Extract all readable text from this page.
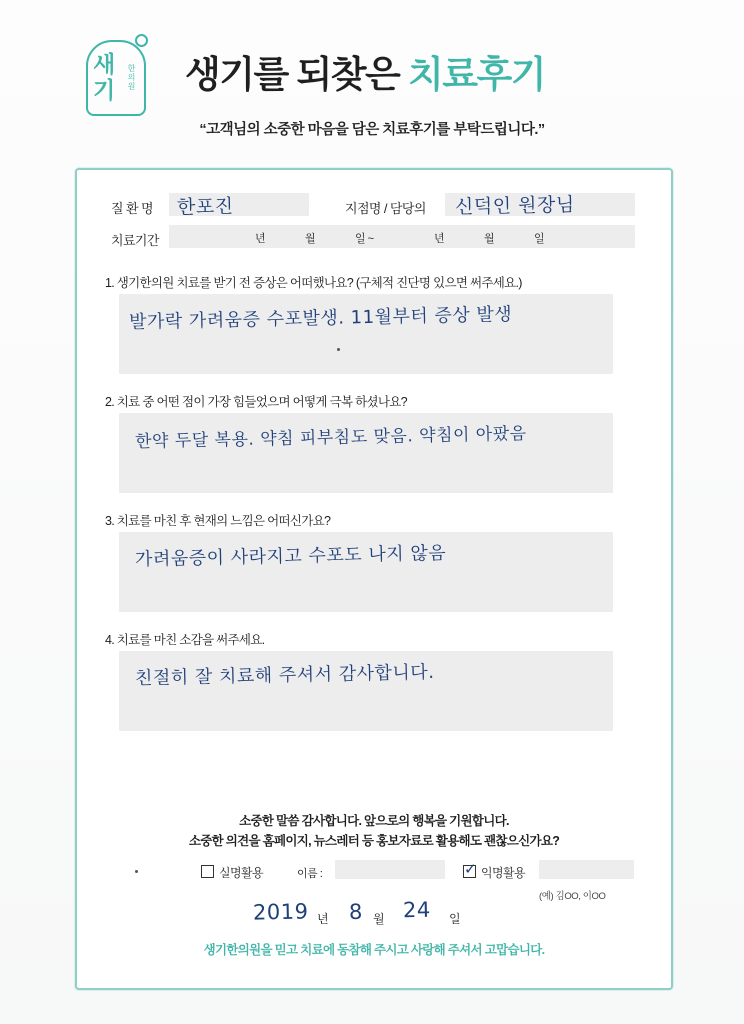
새
기 한의원 생기를 되찾은 치료후기
“고객님의 소중한 마음을 담은 치료후기를 부탁드립니다.”
질 환 명 한포진	지점명 / 담당의 신덕인 원장님
치료기간	년	월	일 ~	년	월	일
1. 생기한의원 치료를 받기 전 증상은 어떠했나요? (구체적 진단명 있으면 써주세요.)
발가락 가려움증 수포발생. 11월부터 증상 발생
2. 치료 중 어떤 점이 가장 힘들었으며 어떻게 극복 하셨나요?
한약 두달 복용. 약침 피부침도 맞음. 약침이 아팠음
3. 치료를 마친 후 현재의 느낌은 어떠신가요?
가려움증이 사라지고 수포도 나지 않음
4. 치료를 마친 소감을 써주세요.
친절히 잘 치료해 주셔서 감사합니다.
소중한 말씀 감사합니다. 앞으로의 행복을 기원합니다.
소중한 의견을 홈페이지, 뉴스레터 등 홍보자료로 활용해도 괜찮으신가요?
실명활용	이름 : ✓	익명활용
(예) 김OO, 이OO
2019 년 8 월 24 일
생기한의원을 믿고 치료에 동참해 주시고 사랑해 주셔서 고맙습니다.
